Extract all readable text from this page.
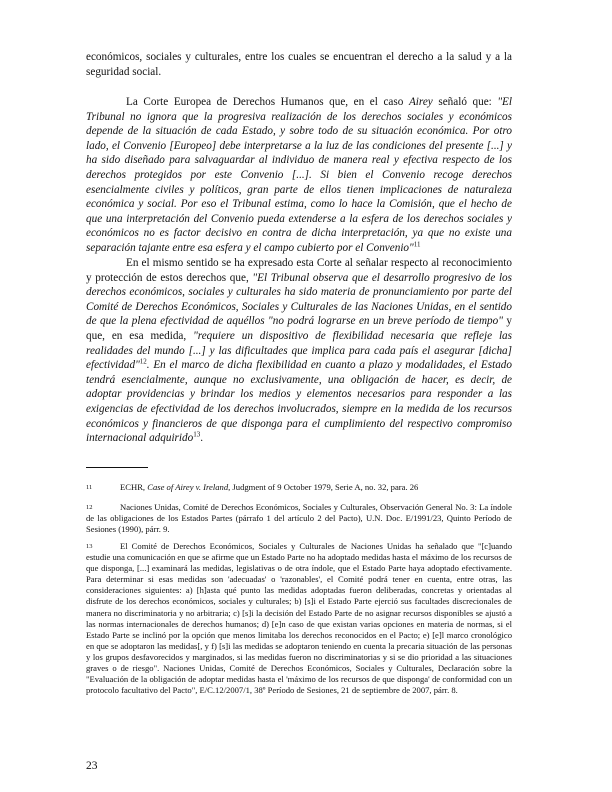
económicos, sociales y culturales, entre los cuales se encuentran el derecho a la salud y a la seguridad social.

La Corte Europea de Derechos Humanos que, en el caso Airey señaló que: "El Tribunal no ignora que la progresiva realización de los derechos sociales y económicos depende de la situación de cada Estado, y sobre todo de su situación económica. Por otro lado, el Convenio [Europeo] debe interpretarse a la luz de las condiciones del presente [...] y ha sido diseñado para salvaguardar al individuo de manera real y efectiva respecto de los derechos protegidos por este Convenio [...]. Si bien el Convenio recoge derechos esencialmente civiles y políticos, gran parte de ellos tienen implicaciones de naturaleza económica y social. Por eso el Tribunal estima, como lo hace la Comisión, que el hecho de que una interpretación del Convenio pueda extenderse a la esfera de los derechos sociales y económicos no es factor decisivo en contra de dicha interpretación, ya que no existe una separación tajante entre esa esfera y el campo cubierto por el Convenio"$^{11}$

En el mismo sentido se ha expresado esta Corte al señalar respecto al reconocimiento y protección de estos derechos que, "El Tribunal observa que el desarrollo progresivo de los derechos económicos, sociales y culturales ha sido materia de pronunciamiento por parte del Comité de Derechos Económicos, Sociales y Culturales de las Naciones Unidas, en el sentido de que la plena efectividad de aquéllos "no podrá lograrse en un breve período de tiempo" y que, en esa medida, "requiere un dispositivo de flexibilidad necesaria que refleje las realidades del mundo [...] y las dificultades que implica para cada país el asegurar [dicha] efectividad"$^{12}$. En el marco de dicha flexibilidad en cuanto a plazo y modalidades, el Estado tendrá esencialmente, aunque no exclusivamente, una obligación de hacer, es decir, de adoptar providencias y brindar los medios y elementos necesarios para responder a las exigencias de efectividad de los derechos involucrados, siempre en la medida de los recursos económicos y financieros de que disponga para el cumplimiento del respectivo compromiso internacional adquirido$^{13}$.

11	ECHR, Case of Airey v. Ireland, Judgment of 9 October 1979, Serie A, no. 32, para. 26

12	Naciones Unidas, Comité de Derechos Económicos, Sociales y Culturales, Observación General No. 3: La índole de las obligaciones de los Estados Partes (párrafo 1 del artículo 2 del Pacto), U.N. Doc. E/1991/23, Quinto Período de Sesiones (1990), párr. 9.

13	El Comité de Derechos Económicos, Sociales y Culturales de Naciones Unidas ha señalado que "[c]uando estudie una comunicación en que se afirme que un Estado Parte no ha adoptado medidas hasta el máximo de los recursos de que disponga, [...] examinará las medidas, legislativas o de otra índole, que el Estado Parte haya adoptado efectivamente. Para determinar si esas medidas son 'adecuadas' o 'razonables', el Comité podrá tener en cuenta, entre otras, las consideraciones siguientes: a) [h]asta qué punto las medidas adoptadas fueron deliberadas, concretas y orientadas al disfrute de los derechos económicos, sociales y culturales; b) [s]i el Estado Parte ejerció sus facultades discrecionales de manera no discriminatoria y no arbitraria; c) [s]i la decisión del Estado Parte de no asignar recursos disponibles se ajustó a las normas internacionales de derechos humanos; d) [e]n caso de que existan varias opciones en materia de normas, si el Estado Parte se inclinó por la opción que menos limitaba los derechos reconocidos en el Pacto; e) [e]l marco cronológico en que se adoptaron las medidas[, y f) [s]i las medidas se adoptaron teniendo en cuenta la precaria situación de las personas y los grupos desfavorecidos y marginados, si las medidas fueron no discriminatorias y si se dio prioridad a las situaciones graves o de riesgo". Naciones Unidas, Comité de Derechos Económicos, Sociales y Culturales, Declaración sobre la "Evaluación de la obligación de adoptar medidas hasta el 'máximo de los recursos de que disponga' de conformidad con un protocolo facultativo del Pacto", E/C.12/2007/1, 38º Período de Sesiones, 21 de septiembre de 2007, párr. 8.

23
